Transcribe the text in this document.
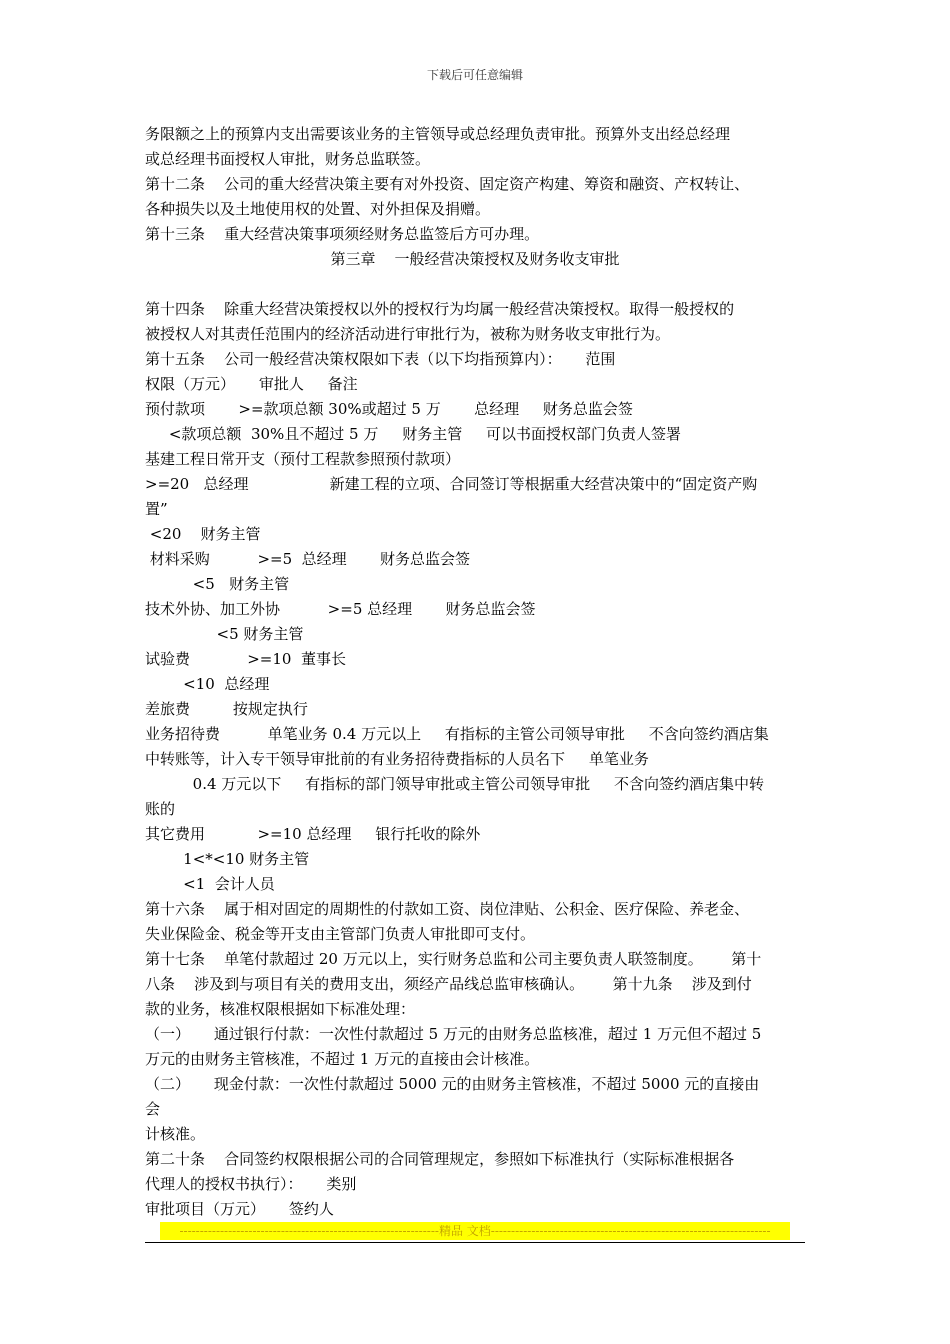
下载后可任意编辑
务限额之上的预算内支出需要该业务的主管领导或总经理负责审批。预算外支出经总经理
或总经理书面授权人审批，财务总监联签。
第十二条    公司的重大经营决策主要有对外投资、固定资产构建、筹资和融资、产权转让、
各种损失以及土地使用权的处置、对外担保及捐赠。
第十三条    重大经营决策事项须经财务总监签后方可办理。
第三章    一般经营决策授权及财务收支审批
第十四条    除重大经营决策授权以外的授权行为均属一般经营决策授权。取得一般授权的
被授权人对其责任范围内的经济活动进行审批行为，被称为财务收支审批行为。
第十五条    公司一般经营决策权限如下表（以下均指预算内）：     范围
权限（万元）     审批人     备注
预付款项       >=款项总额 30%或超过 5 万       总经理     财务总监会签
<款项总额  30%且不超过 5 万     财务主管     可以书面授权部门负责人签署
基建工程日常开支（预付工程款参照预付款项）
>=20   总经理                 新建工程的立项、合同签订等根据重大经营决策中的“固定资产购
置”
<20    财务主管
材料采购          >=5  总经理       财务总监会签
<5   财务主管
技术外协、加工外协          >=5 总经理       财务总监会签
<5 财务主管
试验费            >=10  董事长
<10  总经理
差旅费         按规定执行
业务招待费          单笔业务 0.4 万元以上     有指标的主管公司领导审批     不含向签约酒店集
中转账等，计入专干领导审批前的有业务招待费指标的人员名下     单笔业务
0.4 万元以下     有指标的部门领导审批或主管公司领导审批     不含向签约酒店集中转
账的
其它费用           >=10 总经理     银行托收的除外
1<*<10 财务主管
<1  会计人员
第十六条    属于相对固定的周期性的付款如工资、岗位津贴、公积金、医疗保险、养老金、
失业保险金、税金等开支由主管部门负责人审批即可支付。
第十七条    单笔付款超过 20 万元以上，实行财务总监和公司主要负责人联签制度。      第十
八条    涉及到与项目有关的费用支出，须经产品线总监审核确认。      第十九条    涉及到付
款的业务，核准权限根据如下标准处理：
（一）     通过银行付款：一次性付款超过 5 万元的由财务总监核准，超过 1 万元但不超过 5
万元的由财务主管核准，不超过 1 万元的直接由会计核准。
（二）     现金付款：一次性付款超过 5000 元的由财务主管核准，不超过 5000 元的直接由
会
计核准。
第二十条    合同签约权限根据公司的合同管理规定，参照如下标准执行（实际标准根据各
代理人的授权书执行）：     类别
审批项目（万元）     签约人
----------------------------------------------------------------精品 文档---------------------------------------------------------------------
